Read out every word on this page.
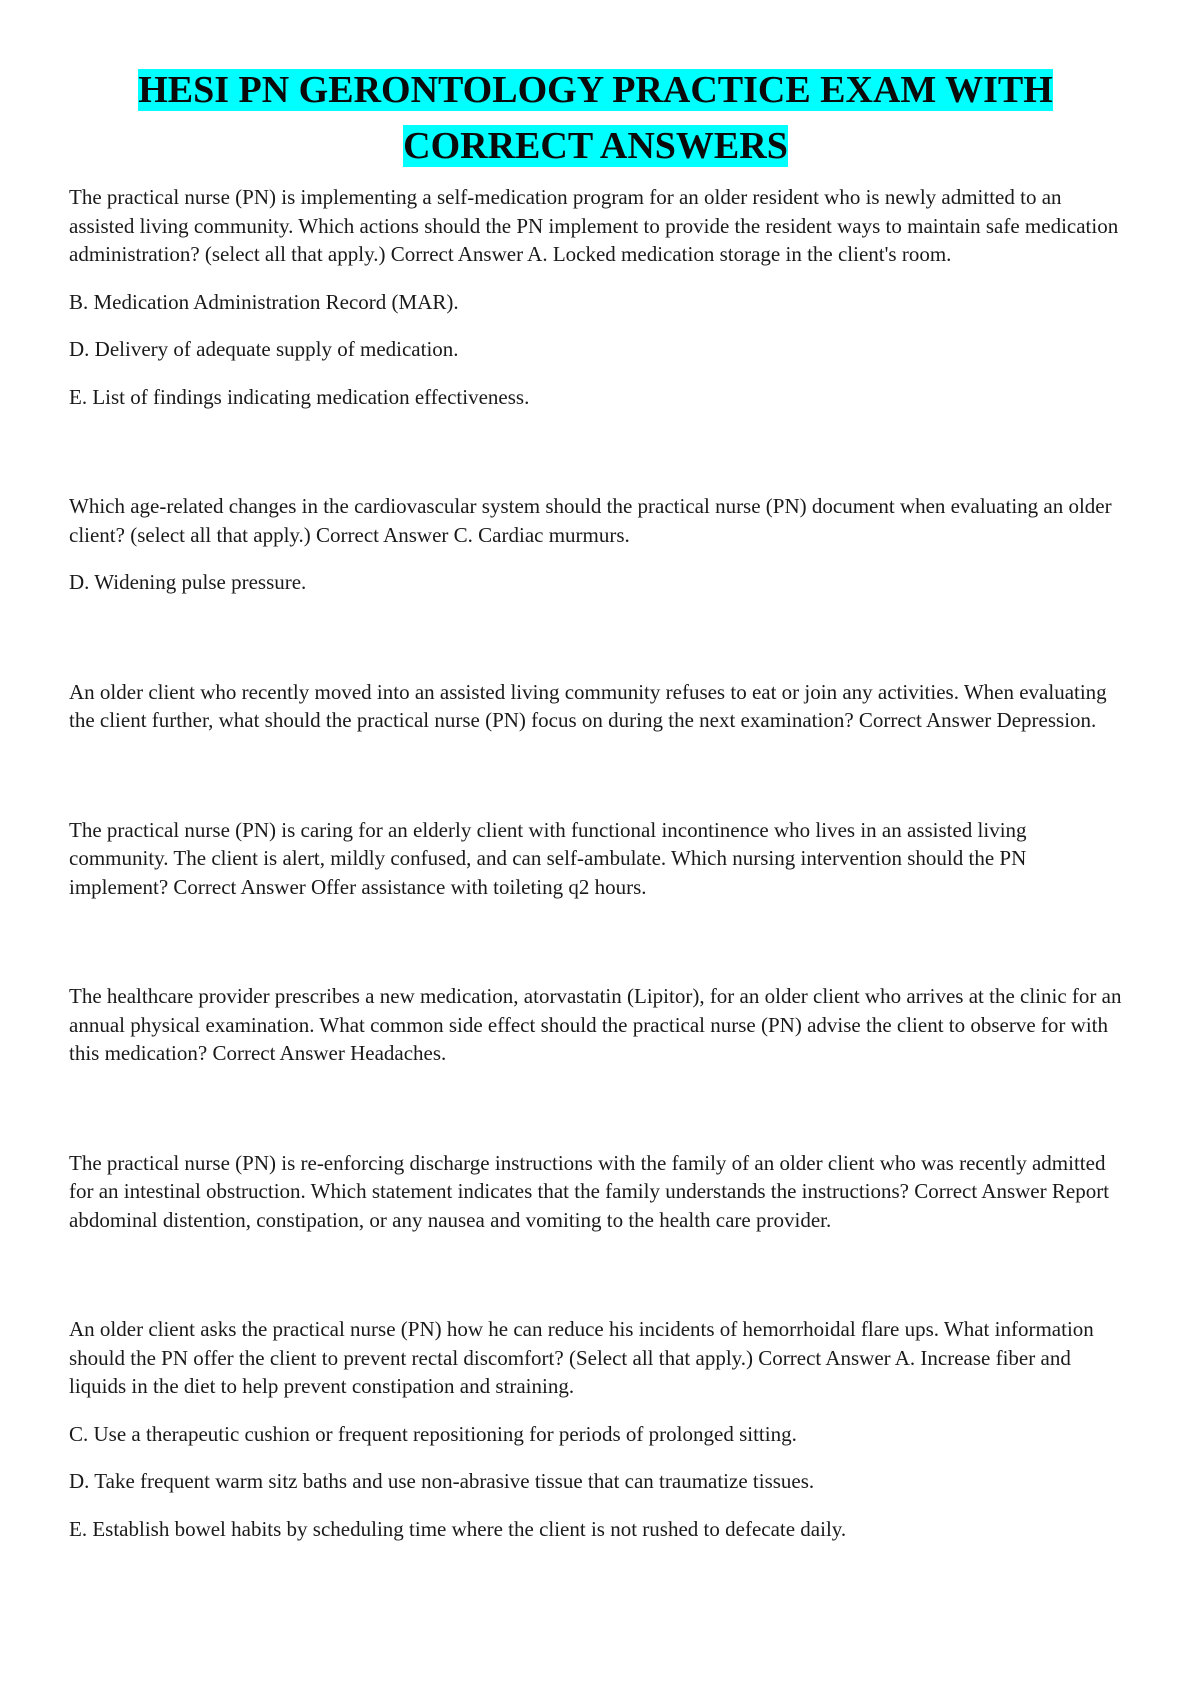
HESI PN GERONTOLOGY PRACTICE EXAM WITH
CORRECT ANSWERS

The practical nurse (PN) is implementing a self-medication program for an older resident who is newly admitted to an assisted living community. Which actions should the PN implement to provide the resident ways to maintain safe medication administration? (select all that apply.) Correct Answer A. Locked medication storage in the client's room.

B. Medication Administration Record (MAR).

D. Delivery of adequate supply of medication.

E. List of findings indicating medication effectiveness.

Which age-related changes in the cardiovascular system should the practical nurse (PN) document when evaluating an older client? (select all that apply.) Correct Answer C. Cardiac murmurs.

D. Widening pulse pressure.

An older client who recently moved into an assisted living community refuses to eat or join any activities. When evaluating the client further, what should the practical nurse (PN) focus on during the next examination? Correct Answer Depression.

The practical nurse (PN) is caring for an elderly client with functional incontinence who lives in an assisted living community. The client is alert, mildly confused, and can self-ambulate. Which nursing intervention should the PN implement? Correct Answer Offer assistance with toileting q2 hours.

The healthcare provider prescribes a new medication, atorvastatin (Lipitor), for an older client who arrives at the clinic for an annual physical examination. What common side effect should the practical nurse (PN) advise the client to observe for with this medication? Correct Answer Headaches.

The practical nurse (PN) is re-enforcing discharge instructions with the family of an older client who was recently admitted for an intestinal obstruction. Which statement indicates that the family understands the instructions? Correct Answer Report abdominal distention, constipation, or any nausea and vomiting to the health care provider.

An older client asks the practical nurse (PN) how he can reduce his incidents of hemorrhoidal flare ups. What information should the PN offer the client to prevent rectal discomfort? (Select all that apply.) Correct Answer A. Increase fiber and liquids in the diet to help prevent constipation and straining.

C. Use a therapeutic cushion or frequent repositioning for periods of prolonged sitting.

D. Take frequent warm sitz baths and use non-abrasive tissue that can traumatize tissues.

E. Establish bowel habits by scheduling time where the client is not rushed to defecate daily.
